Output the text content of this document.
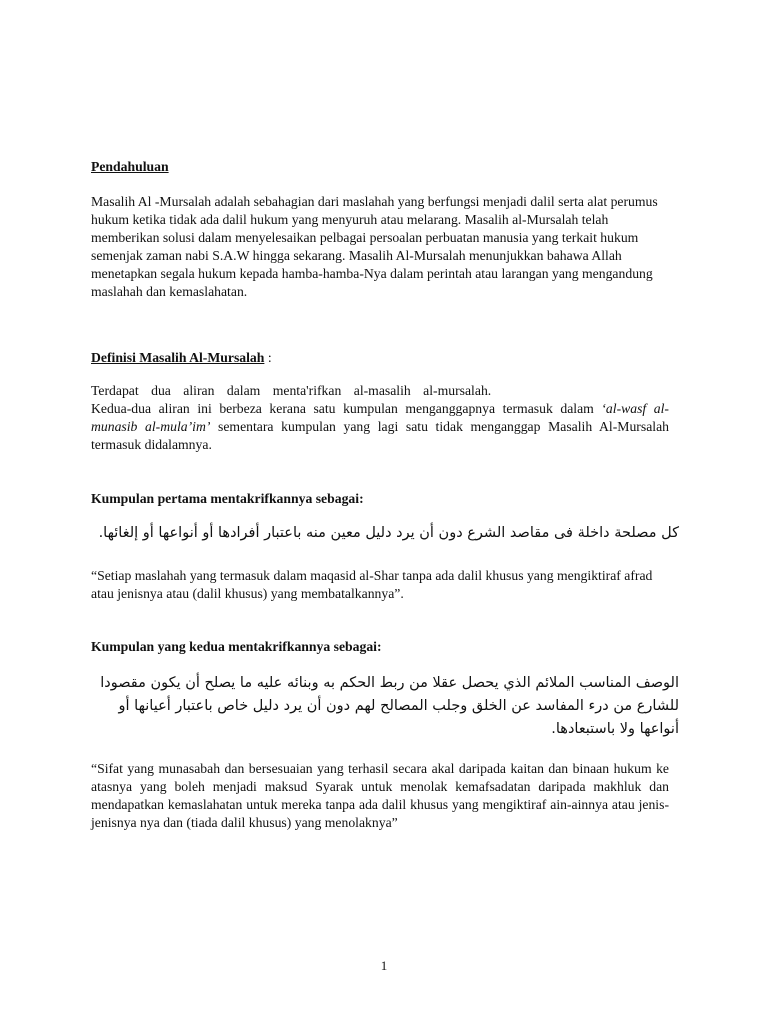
Pendahuluan

Masalih Al -Mursalah adalah sebahagian dari maslahah yang berfungsi menjadi dalil serta alat perumus hukum ketika tidak ada dalil hukum yang menyuruh atau melarang. Masalih al-Mursalah telah memberikan solusi dalam menyelesaikan pelbagai persoalan perbuatan manusia yang terkait hukum semenjak zaman nabi S.A.W hingga sekarang. Masalih Al-Mursalah menunjukkan bahawa Allah menetapkan segala hukum kepada hamba-hamba-Nya dalam perintah atau larangan yang mengandung maslahah dan kemaslahatan.

Definisi Masalih Al-Mursalah :

Terdapat dua aliran dalam menta'rifkan al-masalih al-mursalah.

Kedua-dua aliran ini berbeza kerana satu kumpulan menganggapnya termasuk dalam ‘al-wasf al-munasib al-mula’im’ sementara kumpulan yang lagi satu tidak menganggap Masalih Al-Mursalah termasuk didalamnya.

Kumpulan pertama mentakrifkannya sebagai:

كل مصلحة داخلة فى مقاصد الشرع دون أن يرد دليل معين منه باعتبار أفرادها أو أنواعها أو إلغائها.

“Setiap maslahah yang termasuk dalam maqasid al-Shar tanpa ada dalil khusus yang mengiktiraf afrad atau jenisnya atau (dalil khusus) yang membatalkannya”.

Kumpulan yang kedua mentakrifkannya sebagai:

الوصف المناسب الملائم الذي يحصل عقلا من ربط الحكم به وبنائه عليه ما يصلح أن يكون مقصودا للشارع من درء المفاسد عن الخلق وجلب المصالح لهم دون أن يرد دليل خاص باعتبار أعيانها أو أنواعها ولا باستبعادها.

“Sifat yang munasabah dan bersesuaian yang terhasil secara akal daripada kaitan dan binaan hukum ke atasnya yang boleh menjadi maksud Syarak untuk menolak kemafsadatan daripada makhluk dan mendapatkan kemaslahatan untuk mereka tanpa ada dalil khusus yang mengiktiraf ain-ainnya atau jenis-jenisnya nya dan (tiada dalil khusus) yang menolaknya”

1
